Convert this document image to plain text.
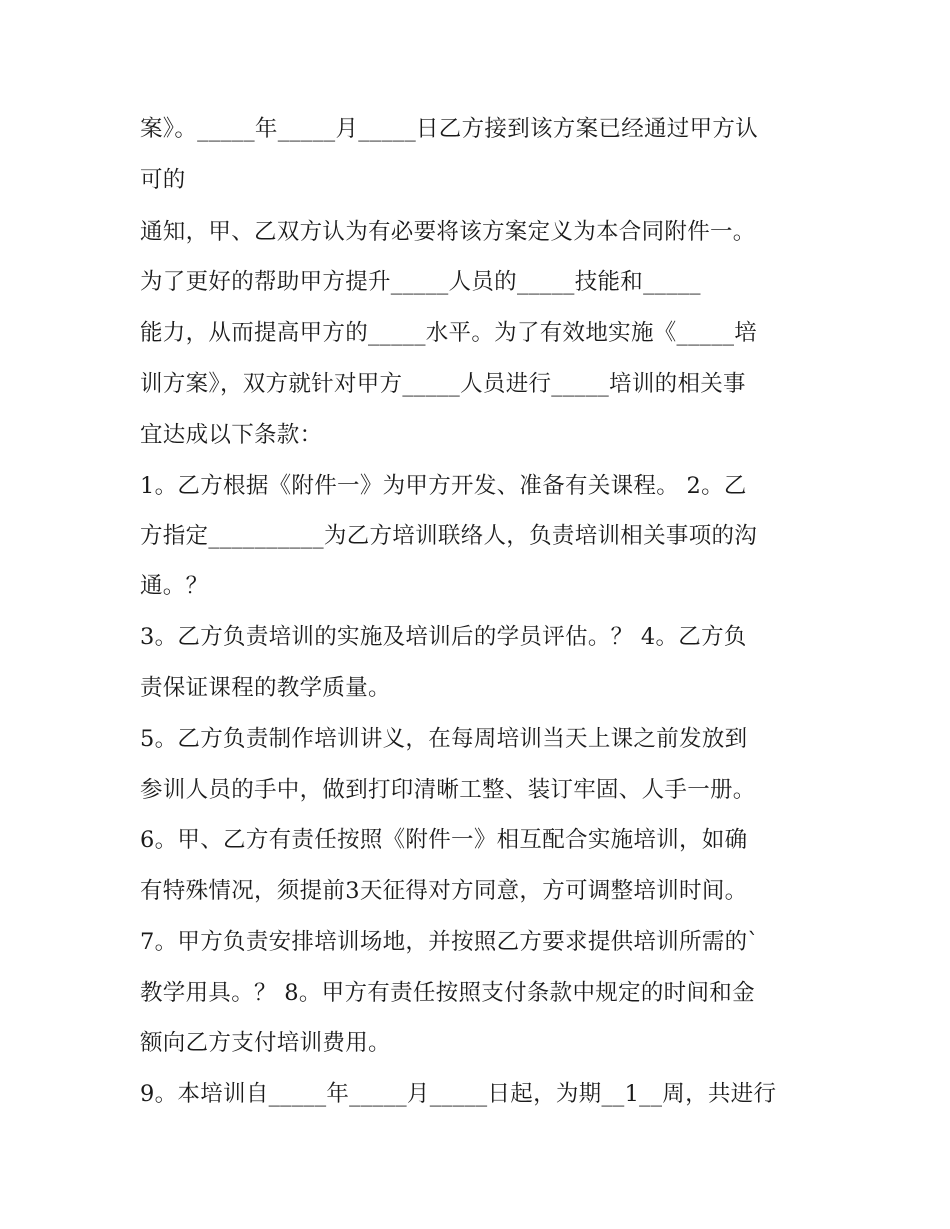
案》。_____年_____月_____日乙方接到该方案已经通过甲方认

可的

通知，甲、乙双方认为有必要将该方案定义为本合同附件一。

为了更好的帮助甲方提升_____人员的_____技能和_____

能力，从而提高甲方的_____水平。为了有效地实施《_____培

训方案》，双方就针对甲方_____人员进行_____培训的相关事

宜达成以下条款：

1。乙方根据《附件一》为甲方开发、准备有关课程。 2。乙

方指定__________为乙方培训联络人，负责培训相关事项的沟

通。？

3。乙方负责培训的实施及培训后的学员评估。？ 4。乙方负

责保证课程的教学质量。

5。乙方负责制作培训讲义，在每周培训当天上课之前发放到

参训人员的手中，做到打印清晰工整、装订牢固、人手一册。

6。甲、乙方有责任按照《附件一》相互配合实施培训，如确

有特殊情况，须提前3天征得对方同意，方可调整培训时间。

7。甲方负责安排培训场地，并按照乙方要求提供培训所需的`

教学用具。？ 8。甲方有责任按照支付条款中规定的时间和金

额向乙方支付培训费用。

9。本培训自_____年_____月_____日起，为期__1__周，共进行
